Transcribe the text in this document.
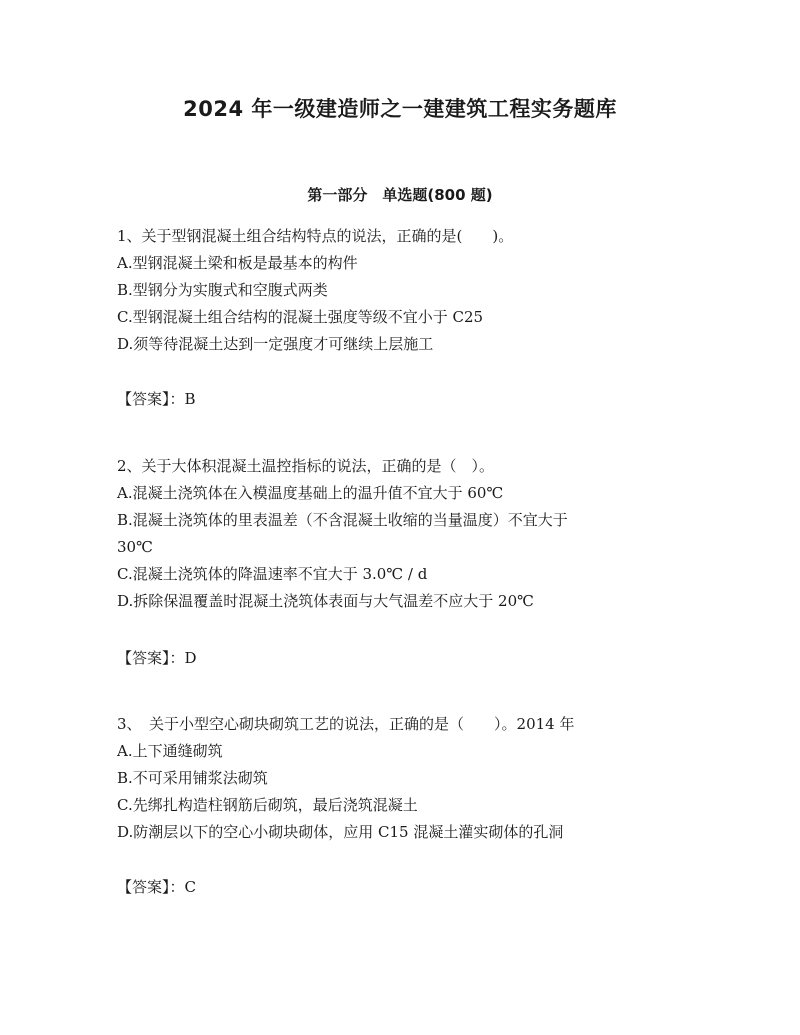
2024 年一级建造师之一建建筑工程实务题库
第一部分　单选题(800 题)
1、关于型钢混凝土组合结构特点的说法，正确的是(　　)。
A.型钢混凝土梁和板是最基本的构件
B.型钢分为实腹式和空腹式两类
C.型钢混凝土组合结构的混凝土强度等级不宜小于 C25
D.须等待混凝土达到一定强度才可继续上层施工
【答案】：B
2、关于大体积混凝土温控指标的说法，正确的是（　）。
A.混凝土浇筑体在入模温度基础上的温升值不宜大于 60℃
B.混凝土浇筑体的里表温差（不含混凝土收缩的当量温度）不宜大于
30℃
C.混凝土浇筑体的降温速率不宜大于 3.0℃ / d
D.拆除保温覆盖时混凝土浇筑体表面与大气温差不应大于 20℃
【答案】：D
3、　关于小型空心砌块砌筑工艺的说法，正确的是（　　）。2014 年
A.上下通缝砌筑
B.不可采用铺浆法砌筑
C.先绑扎构造柱钢筋后砌筑，最后浇筑混凝土
D.防潮层以下的空心小砌块砌体，应用 C15 混凝土灌实砌体的孔洞
【答案】：C
